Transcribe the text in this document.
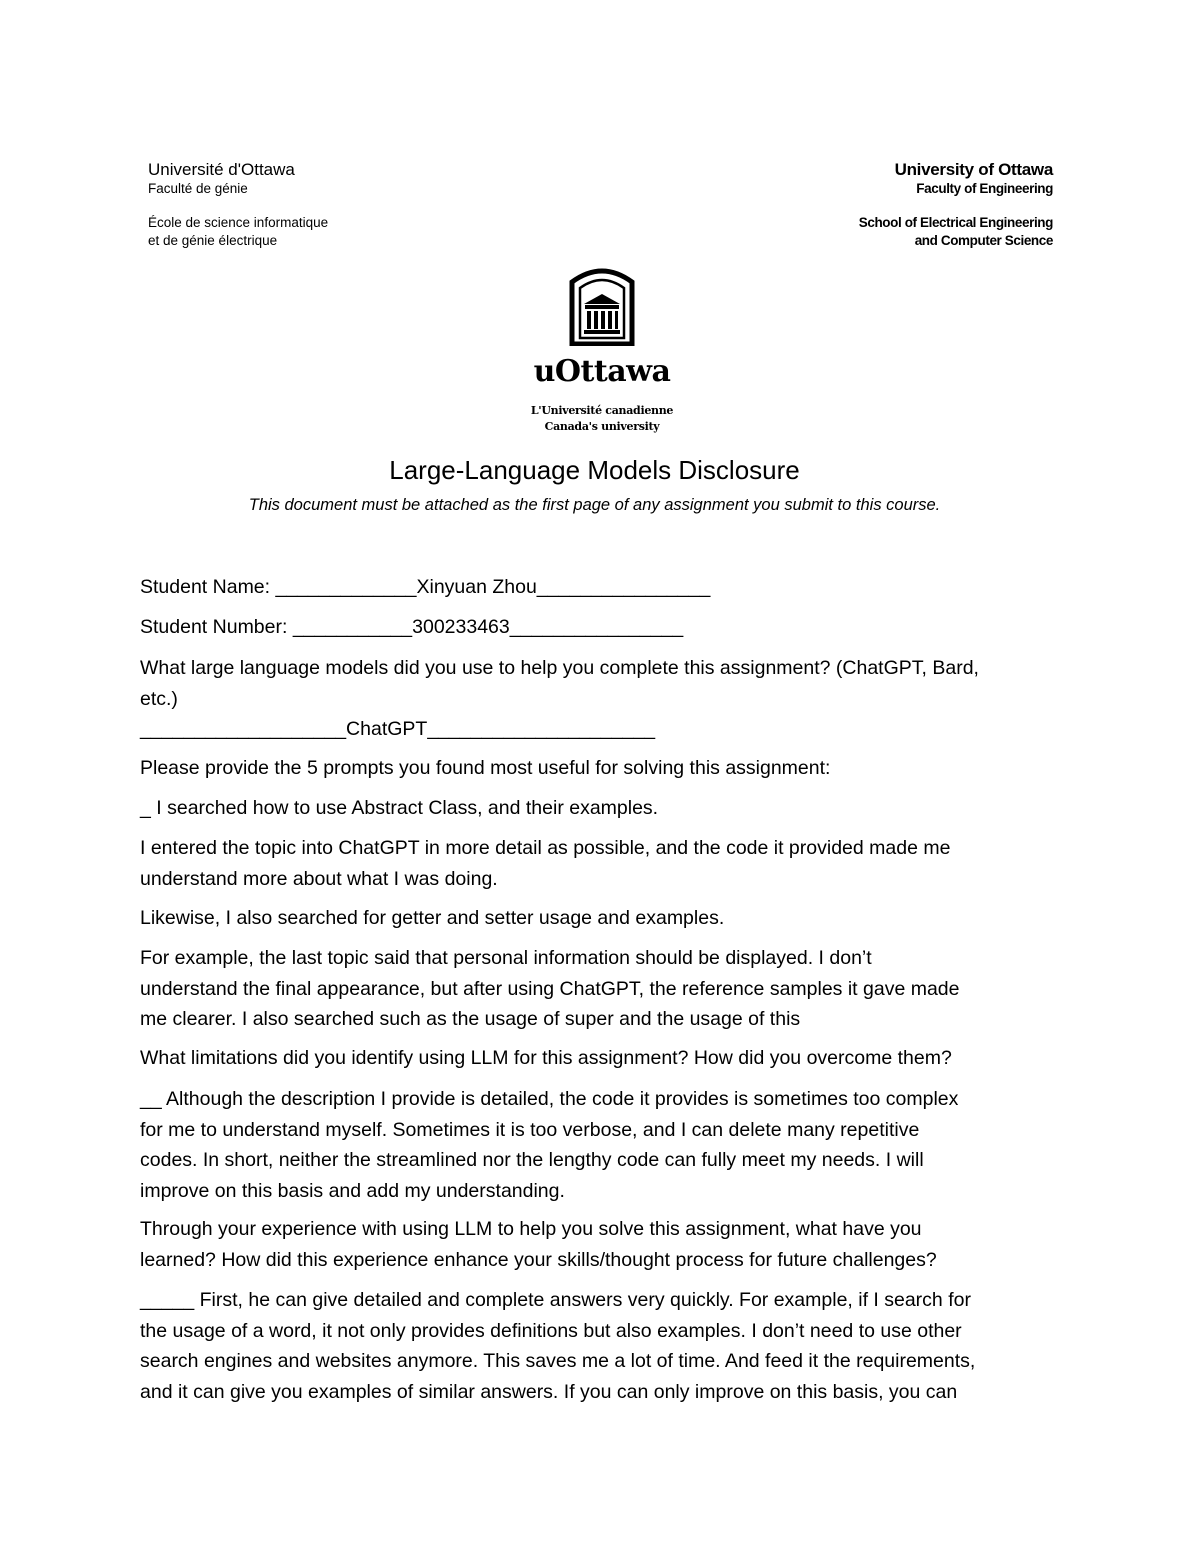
Université d'Ottawa
Faculté de génie
École de science informatique
et de génie électrique
University of Ottawa
Faculty of Engineering
School of Electrical Engineering
and Computer Science
uOttawa
L'Université canadienne
Canada's university
Large-Language Models Disclosure
This document must be attached as the first page of any assignment you submit to this course.

Student Name: _____________Xinyuan Zhou________________

Student Number: ___________300233463________________

What large language models did you use to help you complete this assignment? (ChatGPT, Bard,
etc.)
___________________ChatGPT_____________________

Please provide the 5 prompts you found most useful for solving this assignment:

_ I searched how to use Abstract Class, and their examples.

I entered the topic into ChatGPT in more detail as possible, and the code it provided made me
understand more about what I was doing.

Likewise, I also searched for getter and setter usage and examples.

For example, the last topic said that personal information should be displayed. I don’t
understand the final appearance, but after using ChatGPT, the reference samples it gave made
me clearer. I also searched such as the usage of super and the usage of this

What limitations did you identify using LLM for this assignment? How did you overcome them?

__ Although the description I provide is detailed, the code it provides is sometimes too complex
for me to understand myself. Sometimes it is too verbose, and I can delete many repetitive
codes. In short, neither the streamlined nor the lengthy code can fully meet my needs. I will
improve on this basis and add my understanding.

Through your experience with using LLM to help you solve this assignment, what have you
learned? How did this experience enhance your skills/thought process for future challenges?

_____ First, he can give detailed and complete answers very quickly. For example, if I search for
the usage of a word, it not only provides definitions but also examples. I don’t need to use other
search engines and websites anymore. This saves me a lot of time. And feed it the requirements,
and it can give you examples of similar answers. If you can only improve on this basis, you can
